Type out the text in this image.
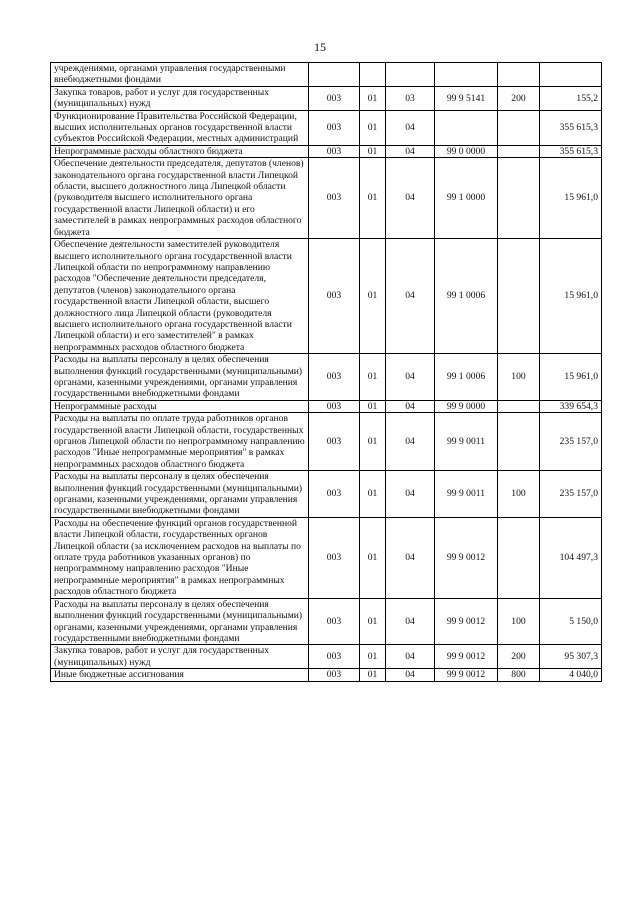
15
учреждениями, органами управления государственными внебюджетными фондами						
Закупка товаров, работ и услуг для государственных (муниципальных) нужд	003	01	03	99 9 5141	200	155,2
Функционирование Правительства Российской Федерации, высших исполнительных органов государственной власти субъектов Российской Федерации, местных администраций	003	01	04			355 615,3
Непрограммные расходы областного бюджета	003	01	04	99 0 0000		355 615,3
Обеспечение деятельности председателя, депутатов (членов) законодательного органа государственной власти Липецкой области, высшего должностного лица Липецкой области (руководителя высшего исполнительного органа государственной власти Липецкой области) и его заместителей в рамках непрограммных расходов областного бюджета	003	01	04	99 1 0000		15 961,0
Обеспечение деятельности заместителей руководителя высшего исполнительного органа государственной власти Липецкой области по непрограммному направлению расходов "Обеспечение деятельности председателя, депутатов (членов) законодательного органа государственной власти Липецкой области, высшего должностного лица Липецкой области (руководителя высшего исполнительного органа государственной власти Липецкой области) и его заместителей" в рамках непрограммных расходов областного бюджета	003	01	04	99 1 0006		15 961,0
Расходы на выплаты персоналу в целях обеспечения выполнения функций государственными (муниципальными) органами, казенными учреждениями, органами управления государственными внебюджетными фондами	003	01	04	99 1 0006	100	15 961,0
Непрограммные расходы	003	01	04	99 9 0000		339 654,3
Расходы на выплаты по оплате труда работников органов государственной власти Липецкой области, государственных органов Липецкой области по непрограммному направлению расходов "Иные непрограммные мероприятия" в рамках непрограммных расходов областного бюджета	003	01	04	99 9 0011		235 157,0
Расходы на выплаты персоналу в целях обеспечения выполнения функций государственными (муниципальными) органами, казенными учреждениями, органами управления государственными внебюджетными фондами	003	01	04	99 9 0011	100	235 157,0
Расходы на обеспечение функций органов государственной власти Липецкой области, государственных органов Липецкой области (за исключением расходов на выплаты по оплате труда работников указанных органов) по непрограммному направлению расходов "Иные непрограммные мероприятия" в рамках непрограммных расходов областного бюджета	003	01	04	99 9 0012		104 497,3
Расходы на выплаты персоналу в целях обеспечения выполнения функций государственными (муниципальными) органами, казенными учреждениями, органами управления государственными внебюджетными фондами	003	01	04	99 9 0012	100	5 150,0
Закупка товаров, работ и услуг для государственных (муниципальных) нужд	003	01	04	99 9 0012	200	95 307,3
Иные бюджетные ассигнования	003	01	04	99 9 0012	800	4 040,0
